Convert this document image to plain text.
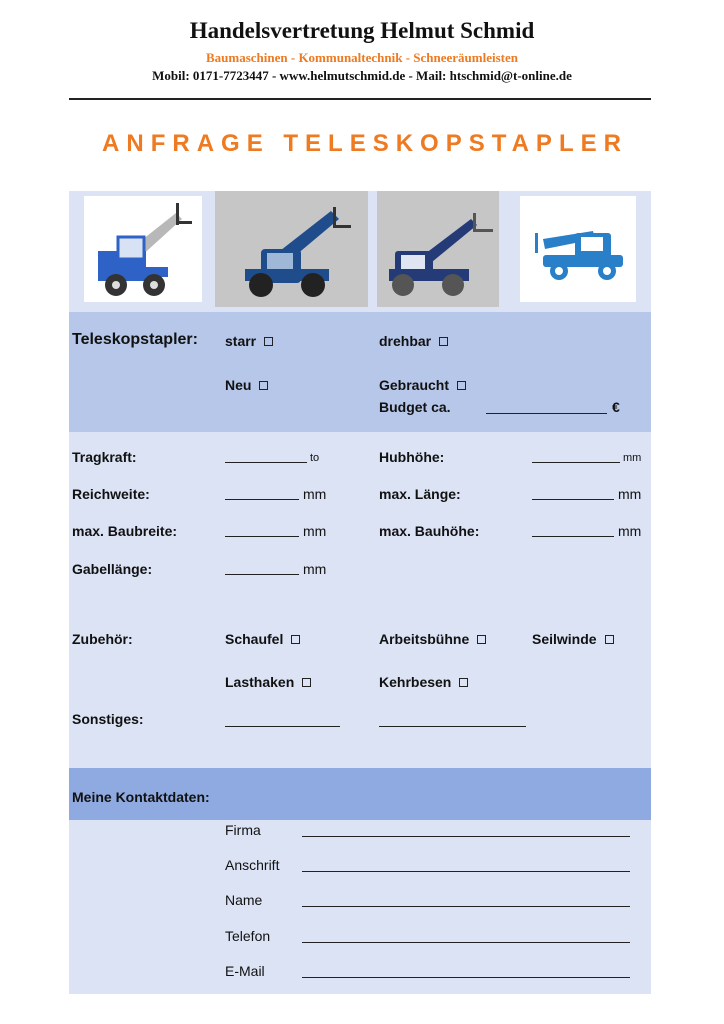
Handelsvertretung Helmut Schmid
Baumaschinen - Kommunaltechnik - Schneeräumleisten
Mobil: 0171-7723447 - www.helmutschmid.de - Mail: htschmid@t-online.de
ANFRAGE TELESKOPSTAPLER
Teleskopstapler: starr	drehbar
Neu	Gebraucht
Budget ca.	€
Tragkraft:	to	Hubhöhe:	mm
Reichweite:	mm	max. Länge:	mm
max. Baubreite:	mm	max. Bauhöhe:	mm
Gabellänge:	mm
Zubehör:	Schaufel	Arbeitsbühne	Seilwinde
Lasthaken	Kehrbesen
Sonstiges:
Meine Kontaktdaten:
Firma
Anschrift
Name
Telefon
E-Mail
